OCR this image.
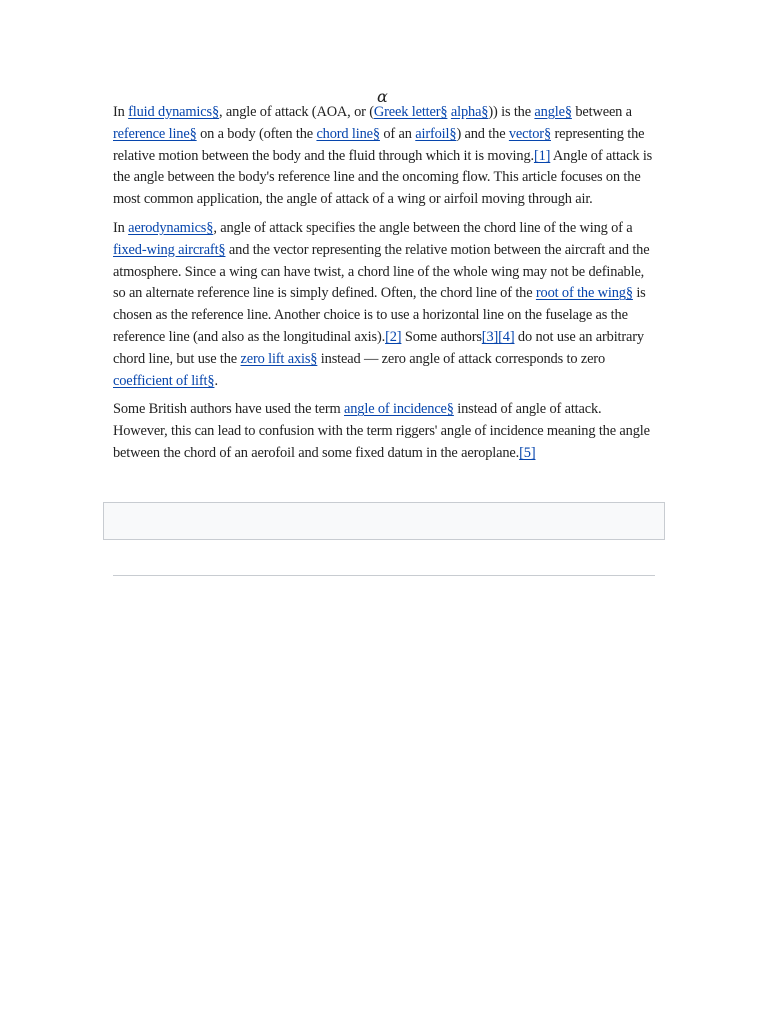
α

In fluid dynamics§, angle of attack (AOA, or (Greek letter§ alpha§)) is the angle§ between a reference line§ on a body (often the chord line§ of an airfoil§) and the vector§ representing the relative motion between the body and the fluid through which it is moving.[1] Angle of attack is the angle between the body's reference line and the oncoming flow. This article focuses on the most common application, the angle of attack of a wing or airfoil moving through air.

In aerodynamics§, angle of attack specifies the angle between the chord line of the wing of a fixed-wing aircraft§ and the vector representing the relative motion between the aircraft and the atmosphere. Since a wing can have twist, a chord line of the whole wing may not be definable, so an alternate reference line is simply defined. Often, the chord line of the root of the wing§ is chosen as the reference line. Another choice is to use a horizontal line on the fuselage as the reference line (and also as the longitudinal axis).[2] Some authors[3][4] do not use an arbitrary chord line, but use the zero lift axis§ instead — zero angle of attack corresponds to zero coefficient of lift§.

Some British authors have used the term angle of incidence§ instead of angle of attack. However, this can lead to confusion with the term riggers' angle of incidence meaning the angle between the chord of an aerofoil and some fixed datum in the aeroplane.[5]
